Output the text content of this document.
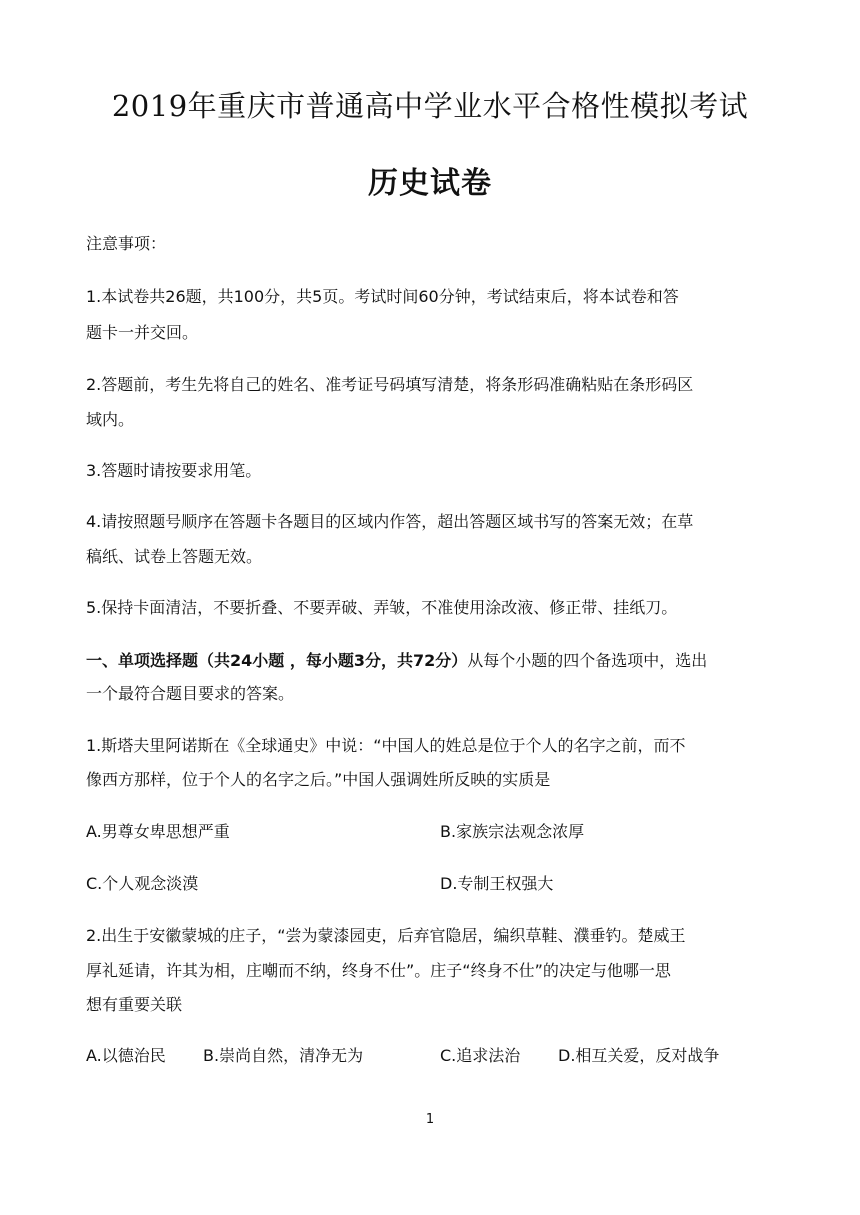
2019年重庆市普通高中学业水平合格性模拟考试
历史试卷
注意事项：
1.本试卷共26题，共100分，共5页。考试时间60分钟，考试结束后，将本试卷和答
题卡一并交回。
2.答题前，考生先将自己的姓名、准考证号码填写清楚，将条形码准确粘贴在条形码区
域内。
3.答题时请按要求用笔。
4.请按照题号顺序在答题卡各题目的区域内作答，超出答题区域书写的答案无效；在草
稿纸、试卷上答题无效。
5.保持卡面清洁，不要折叠、不要弄破、弄皱，不准使用涂改液、修正带、挂纸刀。
一、单项选择题（共24小题 ，每小题3分，共72分）从每个小题的四个备选项中，选出
一个最符合题目要求的答案。
1.斯塔夫里阿诺斯在《全球通史》中说：“中国人的姓总是位于个人的名字之前，而不
像西方那样，位于个人的名字之后。”中国人强调姓所反映的实质是
A.男尊女卑思想严重	B.家族宗法观念浓厚
C.个人观念淡漠	D.专制王权强大
2.出生于安徽蒙城的庄子，“尝为蒙漆园吏，后弃官隐居，编织草鞋、濮垂钓。楚威王
厚礼延请，许其为相，庄嘲而不纳，终身不仕”。庄子“终身不仕”的决定与他哪一思
想有重要关联
A.以德治民 B.崇尚自然，清净无为	C.追求法治 D.相互关爱，反对战争
1
